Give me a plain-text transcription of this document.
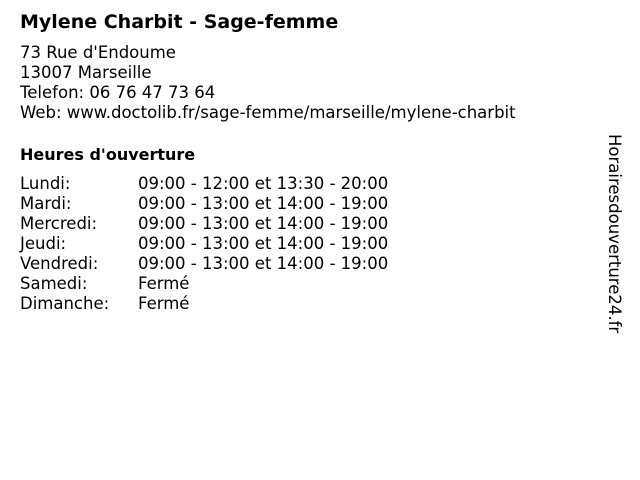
Mylene Charbit - Sage-femme
73 Rue d'Endoume
13007 Marseille
Telefon: 06 76 47 73 64
Web: www.doctolib.fr/sage-femme/marseille/mylene-charbit
Heures d'ouverture
Lundi:	09:00 - 12:00 et 13:30 - 20:00
Mardi:	09:00 - 13:00 et 14:00 - 19:00
Mercredi:	09:00 - 13:00 et 14:00 - 19:00
Jeudi:	09:00 - 13:00 et 14:00 - 19:00
Vendredi:	09:00 - 13:00 et 14:00 - 19:00
Samedi:	Fermé
Dimanche:	Fermé	Horairesdouverture24.fr
